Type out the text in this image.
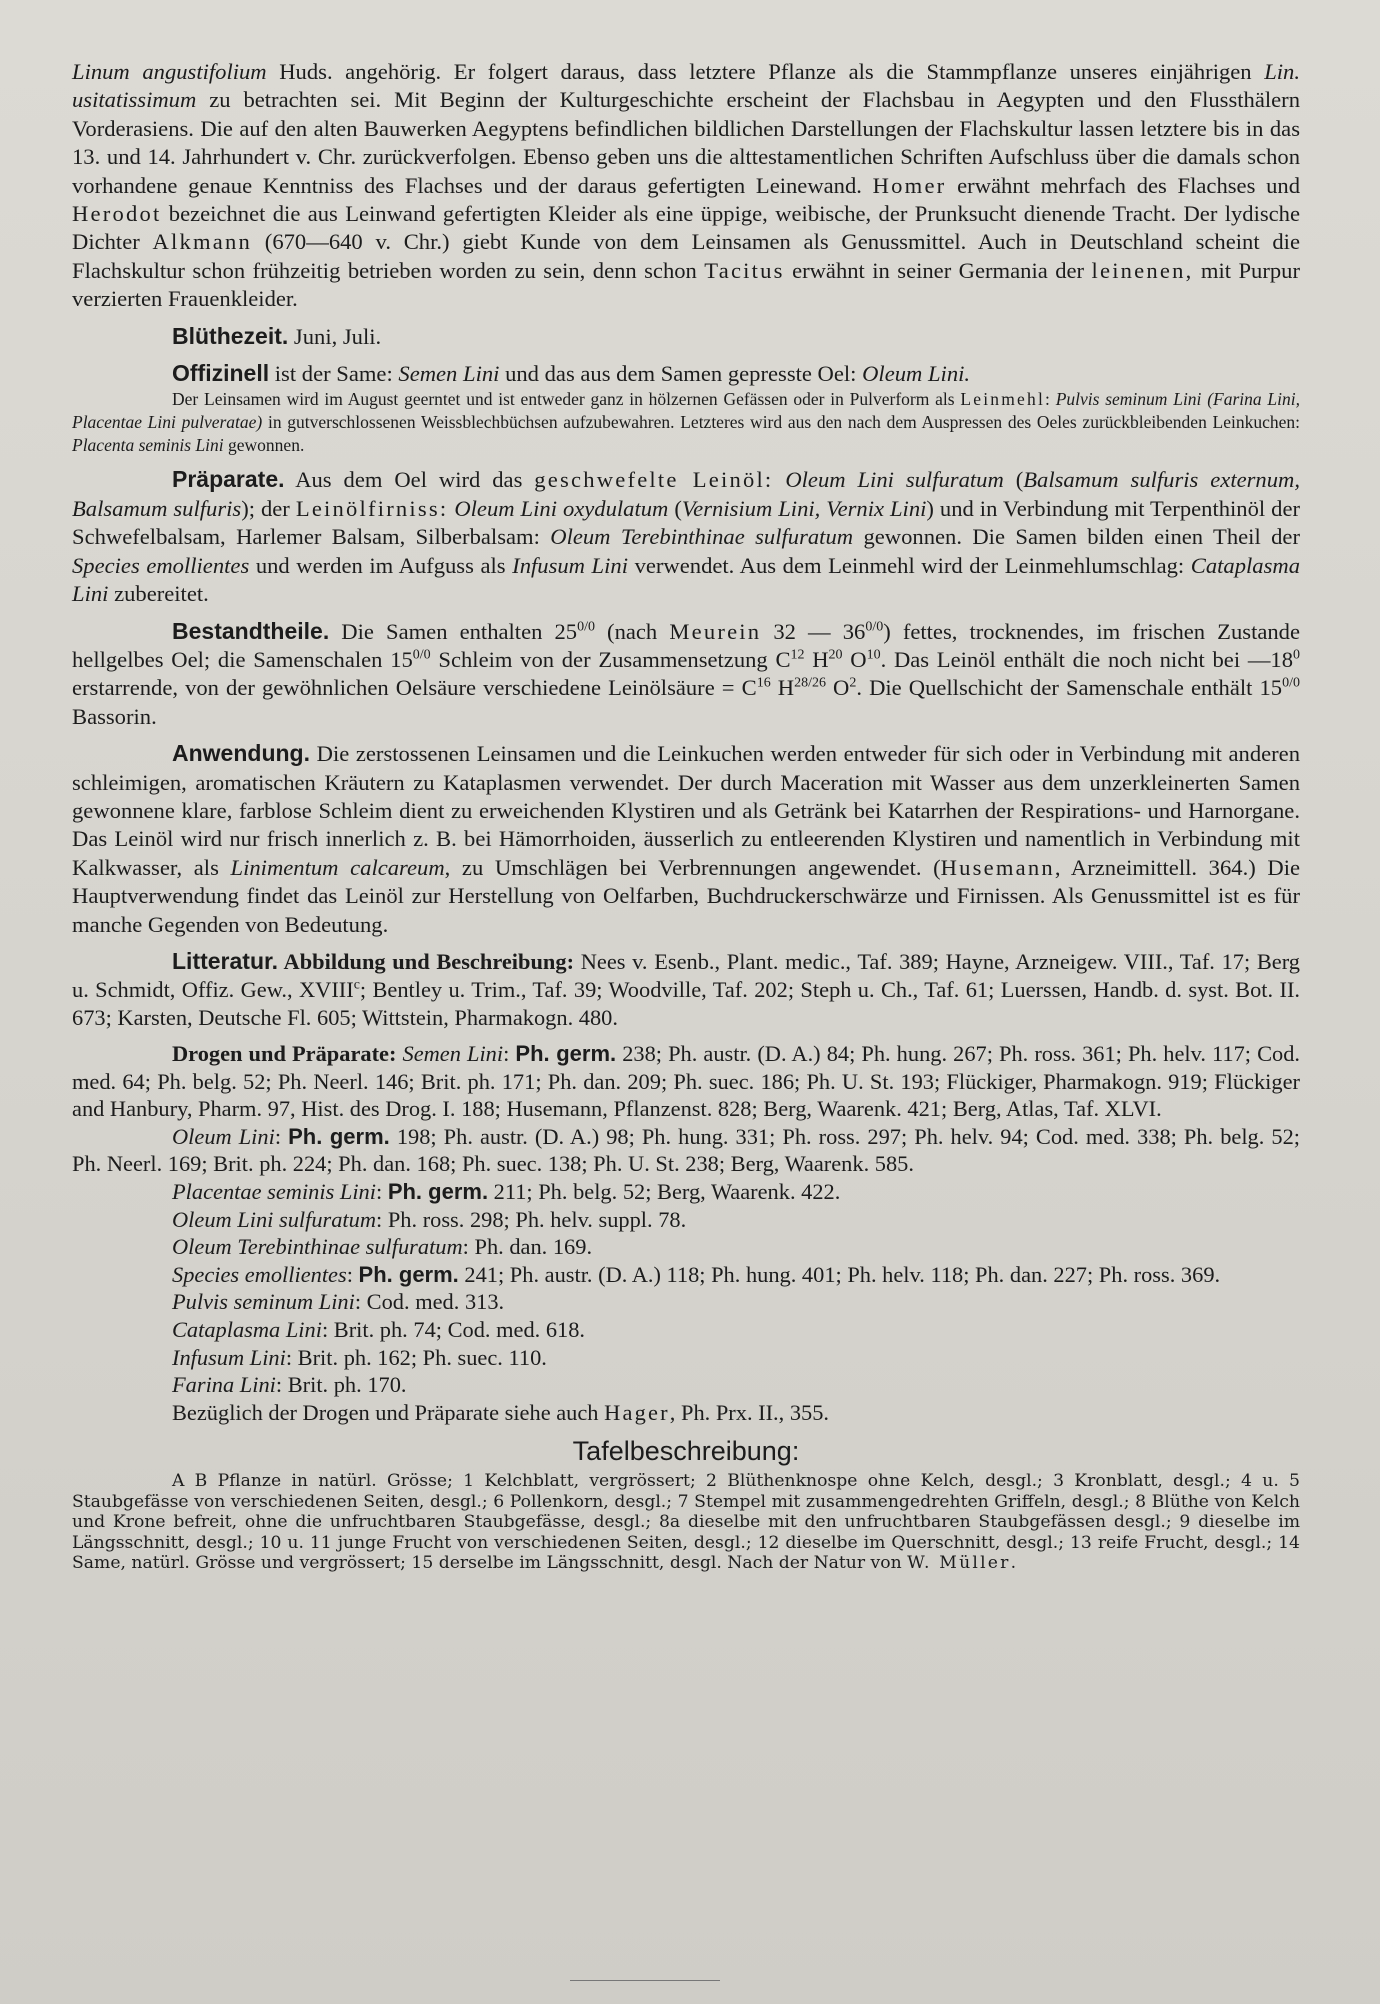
Linum angustifolium Huds. angehörig. Er folgert daraus, dass letztere Pflanze als die Stammpflanze unseres einjährigen Lin. usitatissimum zu betrachten sei. Mit Beginn der Kulturgeschichte erscheint der Flachsbau in Aegypten und den Flussthälern Vorderasiens. Die auf den alten Bauwerken Aegyptens befindlichen bildlichen Darstellungen der Flachskultur lassen letztere bis in das 13. und 14. Jahrhundert v. Chr. zurückverfolgen. Ebenso geben uns die alttestamentlichen Schriften Aufschluss über die damals schon vorhandene genaue Kenntniss des Flachses und der daraus gefertigten Leinewand. Homer erwähnt mehrfach des Flachses und Herodot bezeichnet die aus Leinwand gefertigten Kleider als eine üppige, weibische, der Prunksucht dienende Tracht. Der lydische Dichter Alkmann (670—640 v. Chr.) giebt Kunde von dem Leinsamen als Genussmittel. Auch in Deutschland scheint die Flachskultur schon frühzeitig betrieben worden zu sein, denn schon Tacitus erwähnt in seiner Germania der leinenen, mit Purpur verzierten Frauenkleider.

Blüthezeit. Juni, Juli.

Offizinell ist der Same: Semen Lini und das aus dem Samen gepresste Oel: Oleum Lini.

Der Leinsamen wird im August geerntet und ist entweder ganz in hölzernen Gefässen oder in Pulverform als Leinmehl: Pulvis seminum Lini (Farina Lini, Placentae Lini pulveratae) in gutverschlossenen Weissblechbüchsen aufzubewahren. Letzteres wird aus den nach dem Auspressen des Oeles zurückbleibenden Leinkuchen: Placenta seminis Lini gewonnen.

Präparate. Aus dem Oel wird das geschwefelte Leinöl: Oleum Lini sulfuratum (Balsamum sulfuris externum, Balsamum sulfuris); der Leinölfirniss: Oleum Lini oxydulatum (Vernisium Lini, Vernix Lini) und in Verbindung mit Terpenthinöl der Schwefelbalsam, Harlemer Balsam, Silberbalsam: Oleum Terebinthinae sulfuratum gewonnen. Die Samen bilden einen Theil der Species emollientes und werden im Aufguss als Infusum Lini verwendet. Aus dem Leinmehl wird der Leinmehlumschlag: Cataplasma Lini zubereitet.

Bestandtheile. Die Samen enthalten $25^{0/0}$ (nach Meurein 32 — $36^{0/0}$) fettes, trocknendes, im frischen Zustande hellgelbes Oel; die Samenschalen $15^{0/0}$ Schleim von der Zusammensetzung $C^{12}$ $H^{20}$ $O^{10}$. Das Leinöl enthält die noch nicht bei $—18^0$ erstarrende, von der gewöhnlichen Oelsäure verschiedene Leinölsäure = $C^{16}$ $H^{28/26}$ $O^2$. Die Quellschicht der Samenschale enthält $15^{0/0}$ Bassorin.

Anwendung. Die zerstossenen Leinsamen und die Leinkuchen werden entweder für sich oder in Verbindung mit anderen schleimigen, aromatischen Kräutern zu Kataplasmen verwendet. Der durch Maceration mit Wasser aus dem unzerkleinerten Samen gewonnene klare, farblose Schleim dient zu erweichenden Klystiren und als Getränk bei Katarrhen der Respirations- und Harnorgane. Das Leinöl wird nur frisch innerlich z. B. bei Hämorrhoiden, äusserlich zu entleerenden Klystiren und namentlich in Verbindung mit Kalkwasser, als Linimentum calcareum, zu Umschlägen bei Verbrennungen angewendet. (Husemann, Arzneimittell. 364.) Die Hauptverwendung findet das Leinöl zur Herstellung von Oelfarben, Buchdruckerschwärze und Firnissen. Als Genussmittel ist es für manche Gegenden von Bedeutung.

Litteratur. Abbildung und Beschreibung: Nees v. Esenb., Plant. medic., Taf. 389; Hayne, Arzneigew. VIII., Taf. 17; Berg u. Schmidt, Offiz. Gew., XVIII$^c$; Bentley u. Trim., Taf. 39; Woodville, Taf. 202; Steph u. Ch., Taf. 61; Luerssen, Handb. d. syst. Bot. II. 673; Karsten, Deutsche Fl. 605; Wittstein, Pharmakogn. 480.

Drogen und Präparate: Semen Lini: Ph. germ. 238; Ph. austr. (D. A.) 84; Ph. hung. 267; Ph. ross. 361; Ph. helv. 117; Cod. med. 64; Ph. belg. 52; Ph. Neerl. 146; Brit. ph. 171; Ph. dan. 209; Ph. suec. 186; Ph. U. St. 193; Flückiger, Pharmakogn. 919; Flückiger and Hanbury, Pharm. 97, Hist. des Drog. I. 188; Husemann, Pflanzenst. 828; Berg, Waarenk. 421; Berg, Atlas, Taf. XLVI.

Oleum Lini: Ph. germ. 198; Ph. austr. (D. A.) 98; Ph. hung. 331; Ph. ross. 297; Ph. helv. 94; Cod. med. 338; Ph. belg. 52; Ph. Neerl. 169; Brit. ph. 224; Ph. dan. 168; Ph. suec. 138; Ph. U. St. 238; Berg, Waarenk. 585.

Placentae seminis Lini: Ph. germ. 211; Ph. belg. 52; Berg, Waarenk. 422.

Oleum Lini sulfuratum: Ph. ross. 298; Ph. helv. suppl. 78.

Oleum Terebinthinae sulfuratum: Ph. dan. 169.

Species emollientes: Ph. germ. 241; Ph. austr. (D. A.) 118; Ph. hung. 401; Ph. helv. 118; Ph. dan. 227; Ph. ross. 369.

Pulvis seminum Lini: Cod. med. 313.

Cataplasma Lini: Brit. ph. 74; Cod. med. 618.

Infusum Lini: Brit. ph. 162; Ph. suec. 110.

Farina Lini: Brit. ph. 170.

Bezüglich der Drogen und Präparate siehe auch Hager, Ph. Prx. II., 355.

Tafelbeschreibung:

A B Pflanze in natürl. Grösse; 1 Kelchblatt, vergrössert; 2 Blüthenknospe ohne Kelch, desgl.; 3 Kronblatt, desgl.; 4 u. 5 Staubgefässe von verschiedenen Seiten, desgl.; 6 Pollenkorn, desgl.; 7 Stempel mit zusammengedrehten Griffeln, desgl.; 8 Blüthe von Kelch und Krone befreit, ohne die unfruchtbaren Staubgefässe, desgl.; 8a dieselbe mit den unfruchtbaren Staubgefässen desgl.; 9 dieselbe im Längsschnitt, desgl.; 10 u. 11 junge Frucht von verschiedenen Seiten, desgl.; 12 dieselbe im Querschnitt, desgl.; 13 reife Frucht, desgl.; 14 Same, natürl. Grösse und vergrössert; 15 derselbe im Längsschnitt, desgl. Nach der Natur von W. Müller.
